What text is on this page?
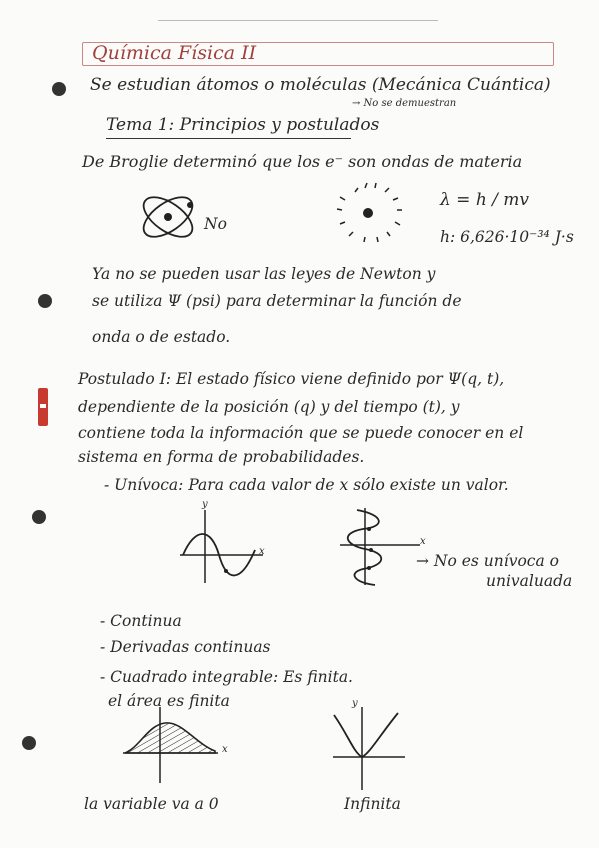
Química Física II
Se estudian átomos o moléculas (Mecánica Cuántica)
Tema 1: Principios y postulados
→ No se demuestran
De Broglie determinó que los e⁻ son ondas de materia
No
λ = h / mv
h: 6,626·10⁻³⁴ J·s
Ya no se pueden usar las leyes de Newton y
se utiliza Ψ (psi) para determinar la función de
onda o de estado.
Postulado I: El estado físico viene definido por Ψ(q, t),
dependiente de la posición (q) y del tiempo (t), y
contiene toda la información que se puede conocer en el
sistema en forma de probabilidades.
- Unívoca: Para cada valor de x sólo existe un valor.
y
x
x
→ No es unívoca o
univaluada
- Continua
- Derivadas continuas
- Cuadrado integrable: Es finita.
el área es finita
x
y
la variable va a 0	Infinita
